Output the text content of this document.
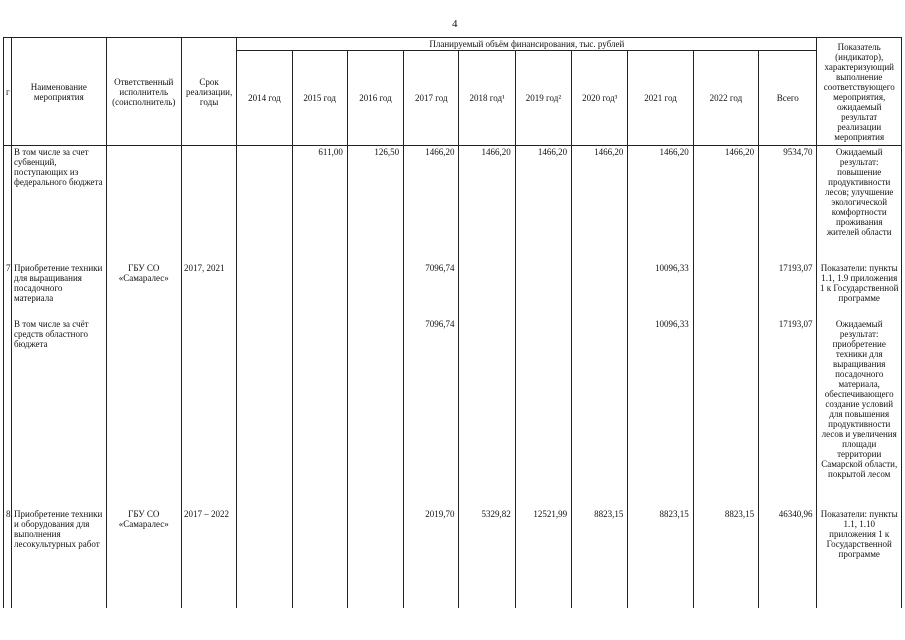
4
г	Наименование мероприятия	Ответственный исполнитель (соисполнитель)	Срок реализации, годы	Планируемый объём финансирования, тыс. рублей										Показатель (индикатор), характеризующий выполнение соответствующего мероприятия, ожидаемый результат реализации мероприятия
				2014 год	2015 год	2016 год	2017 год	2018 год¹	2019 год²	2020 год³	2021 год	2022 год	Всего	
	В том числе за счет субвенций, поступающих из федерального бюджета				611,00	126,50	1466,20	1466,20	1466,20	1466,20	1466,20	1466,20	9534,70	Ожидаемый результат: повышение продуктивности лесов; улучшение экологической комфортности проживания жителей области
7.	Приобретение техники для выращивания посадочного материала	ГБУ СО «Самаралес»	2017, 2021				7096,74				10096,33		17193,07	Показатели: пункты 1.1, 1.9 приложения 1 к Государственной программе
	В том числе за счёт средств областного бюджета						7096,74				10096,33		17193,07	Ожидаемый результат: приобретение техники для выращивания посадочного материала, обеспечивающего создание условий для повышения продуктивности лесов и увеличения площади территории Самарской области, покрытой лесом
8.	Приобретение техники и оборудования для выполнения лесокультурных работ	ГБУ СО «Самаралес»	2017 – 2022				2019,70	5329,82	12521,99	8823,15	8823,15	8823,15	46340,96	Показатели: пункты 1.1, 1.10 приложения 1 к Государственной программе
